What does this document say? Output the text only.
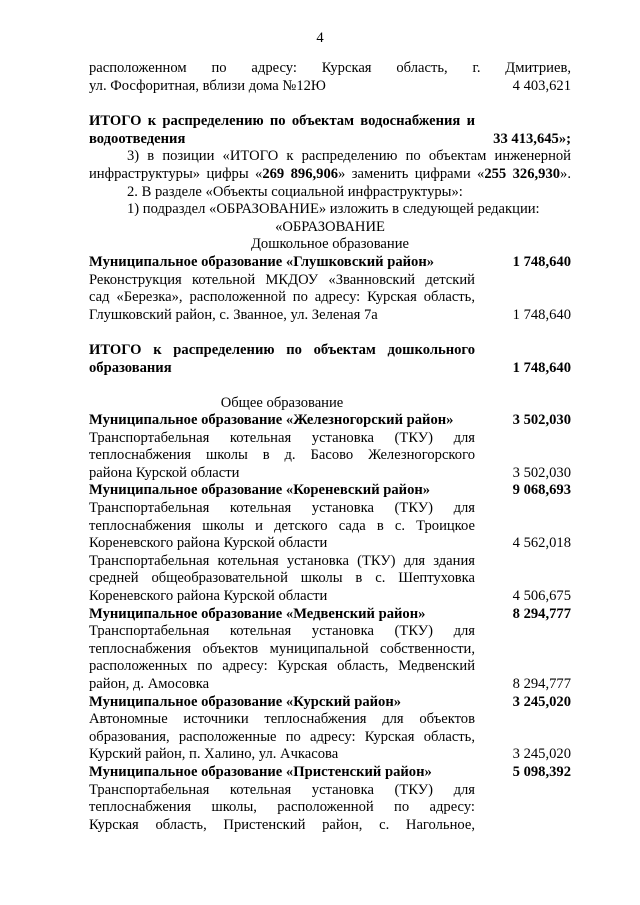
4
расположенном по адресу: Курская область, г. Дмитриев,
ул. Фосфоритная, вблизи дома №12Ю	4 403,621
ИТОГО к распределению по объектам водоснабжения и
водоотведения	33 413,645»;
3) в позиции «ИТОГО к распределению по объектам инженерной
инфраструктуры» цифры «269 896,906» заменить цифрами «255 326,930».
2. В разделе «Объекты социальной инфраструктуры»:
1) подраздел «ОБРАЗОВАНИЕ» изложить в следующей редакции:
«ОБРАЗОВАНИЕ
Дошкольное образование
Муниципальное образование «Глушковский район»	1 748,640
Реконструкция котельной МКДОУ «Званновский детский
сад «Березка», расположенной по адресу: Курская область,
Глушковский район, с. Званное, ул. Зеленая 7а	1 748,640
ИТОГО к распределению по объектам дошкольного
образования	1 748,640
Общее образование
Муниципальное образование «Железногорский район»	3 502,030
Транспортабельная котельная установка (ТКУ) для
теплоснабжения школы в д. Басово Железногорского
района Курской области	3 502,030
Муниципальное образование «Кореневский район»	9 068,693
Транспортабельная котельная установка (ТКУ) для
теплоснабжения школы и детского сада в с. Троицкое
Кореневского района Курской области	4 562,018
Транспортабельная котельная установка (ТКУ) для здания
средней общеобразовательной школы в с. Шептуховка
Кореневского района Курской области	4 506,675
Муниципальное образование «Медвенский район»	8 294,777
Транспортабельная котельная установка (ТКУ) для
теплоснабжения объектов муниципальной собственности,
расположенных по адресу: Курская область, Медвенский
район, д. Амосовка	8 294,777
Муниципальное образование «Курский район»	3 245,020
Автономные источники теплоснабжения для объектов
образования, расположенные по адресу: Курская область,
Курский район, п. Халино, ул. Ачкасова	3 245,020
Муниципальное образование «Пристенский район»	5 098,392
Транспортабельная котельная установка (ТКУ) для
теплоснабжения школы, расположенной по адресу:
Курская область, Пристенский район, с. Нагольное,
